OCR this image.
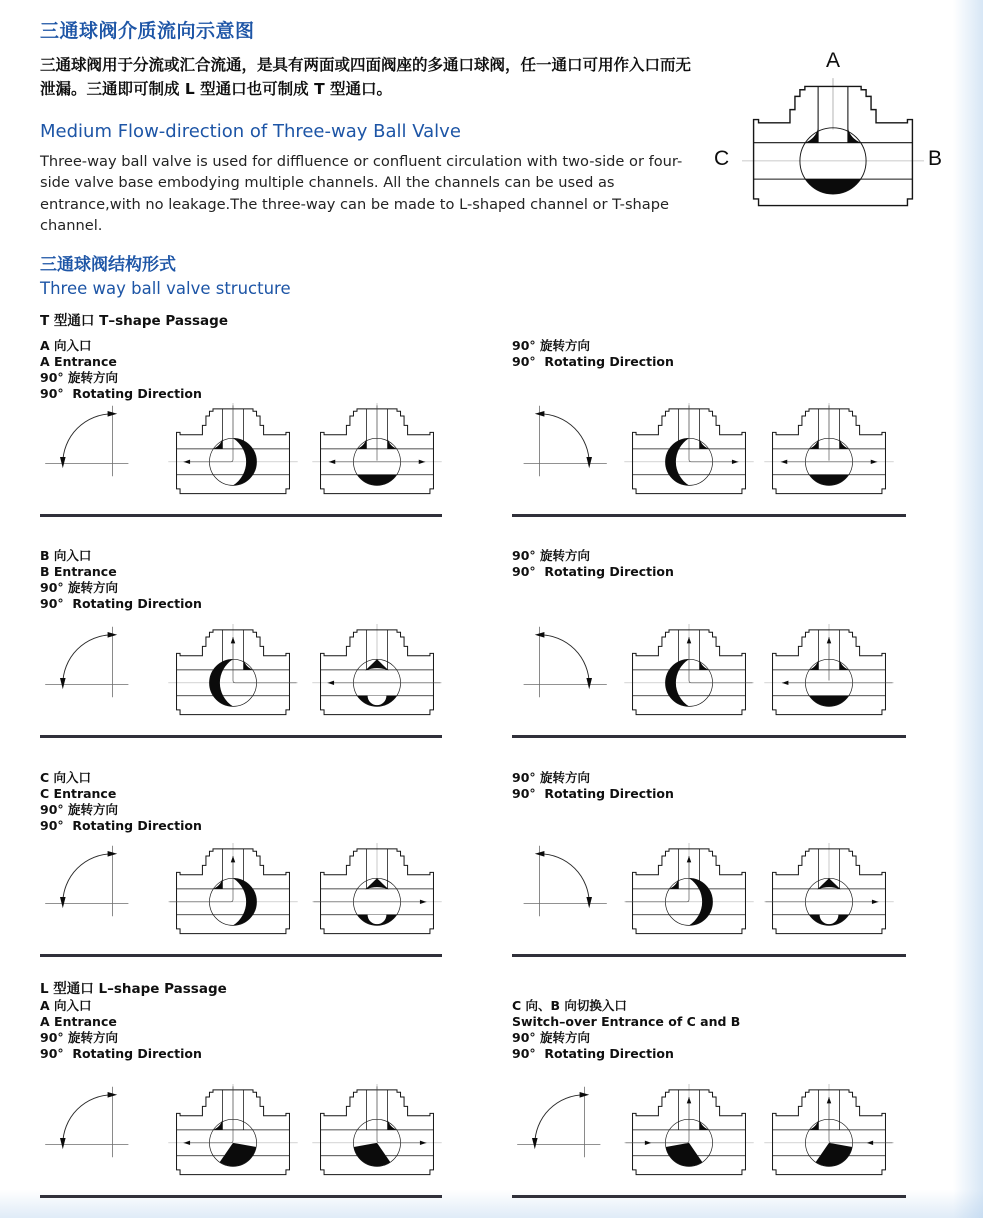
三通球阀介质流向示意图

三通球阀用于分流或汇合流通，是具有两面或四面阀座的多通口球阀，任一通口可用作入口而无泄漏。三通即可制成 L 型通口也可制成 T 型通口。

Medium Flow-direction of Three-way Ball Valve

Three-way ball valve is used for diffluence or confluent circulation with two-side or four-side valve base embodying multiple channels. All the channels can be used as entrance,with no leakage.The three-way can be made to L-shaped channel or T-shape channel.

A
C	B
三通球阀结构形式
Three way ball valve structure
T 型通口 T–shape Passage
L 型通口 L–shape Passage
A 向入口
A Entrance
90° 旋转方向
90°  Rotating Direction
90° 旋转方向
90°  Rotating Direction
B 向入口
B Entrance
90° 旋转方向
90°  Rotating Direction
90° 旋转方向
90°  Rotating Direction
C 向入口
C Entrance
90° 旋转方向
90°  Rotating Direction
90° 旋转方向
90°  Rotating Direction
A 向入口
A Entrance
90° 旋转方向
90°  Rotating Direction
C 向、B 向切换入口
Switch–over Entrance of C and B
90° 旋转方向
90°  Rotating Direction
